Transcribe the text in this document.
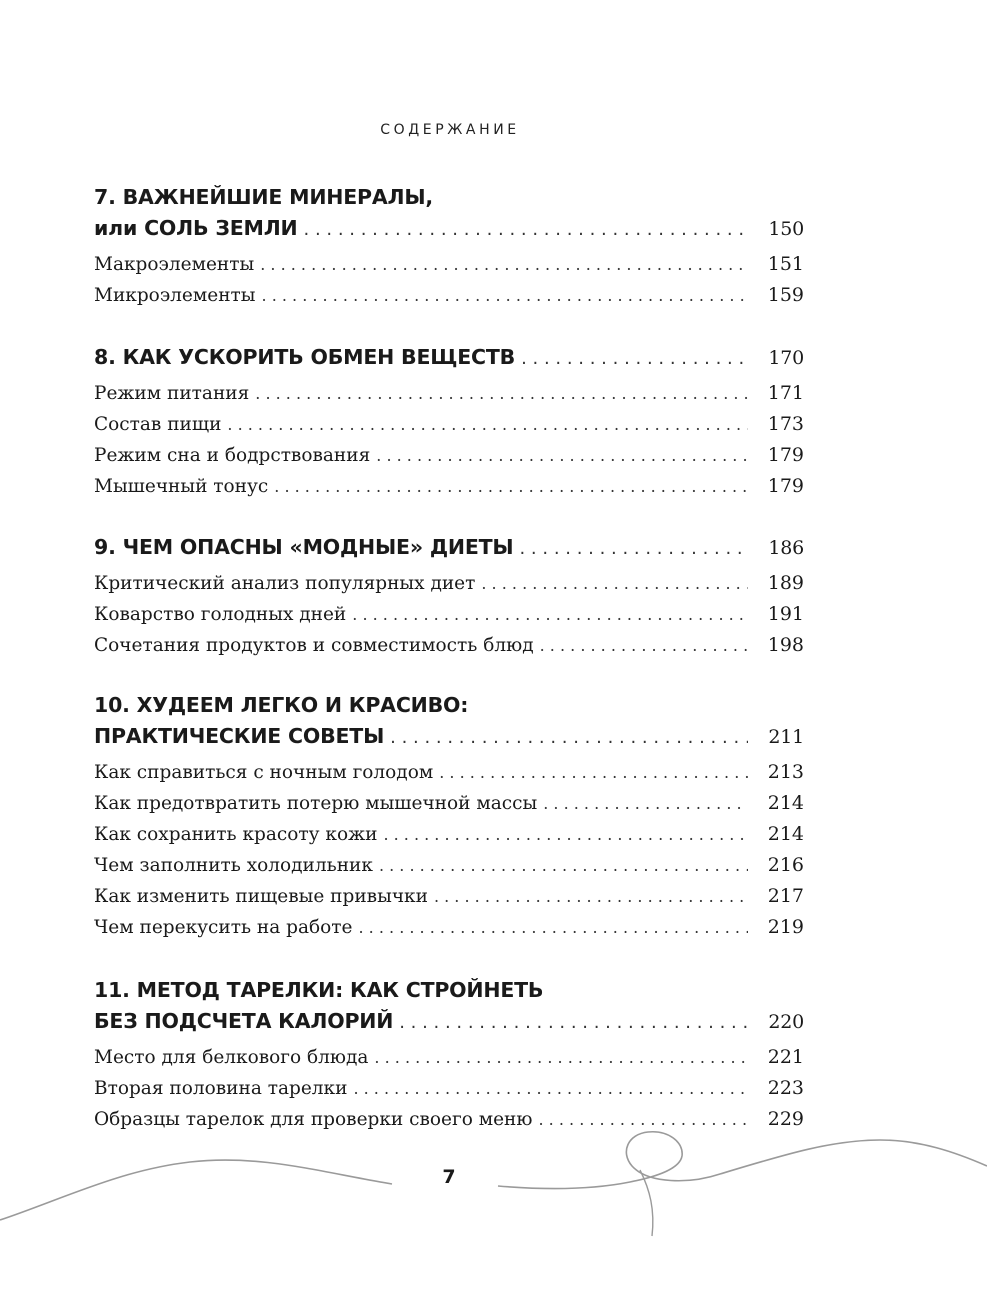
СОДЕРЖАНИЕ
7. ВАЖНЕЙШИЕ МИНЕРАЛЫ,
или СОЛЬ ЗЕМЛИ . . .	150
Макроэлементы . . .	151
Микроэлементы . . .	159
8. КАК УСКОРИТЬ ОБМЕН ВЕЩЕСТВ . . .	170
Режим питания . . .	171
Состав пищи . . .	173
Режим сна и бодрствования . . .	179
Мышечный тонус . . .	179
9. ЧЕМ ОПАСНЫ «МОДНЫЕ» ДИЕТЫ . . .	186
Критический анализ популярных диет . . .	189
Коварство голодных дней . . .	191
Сочетания продуктов и совместимость блюд . . .	198
10. ХУДЕЕМ ЛЕГКО И КРАСИВО:
ПРАКТИЧЕСКИЕ СОВЕТЫ . . .	211
Как справиться с ночным голодом . . .	213
Как предотвратить потерю мышечной массы . . .	214
Как сохранить красоту кожи . . .	214
Чем заполнить холодильник . . .	216
Как изменить пищевые привычки . . .	217
Чем перекусить на работе . . .	219
11. МЕТОД ТАРЕЛКИ: КАК СТРОЙНЕТЬ
БЕЗ ПОДСЧЕТА КАЛОРИЙ . . .	220
Место для белкового блюда . . .	221
Вторая половина тарелки . . .	223
Образцы тарелок для проверки своего меню . . .	229
7
